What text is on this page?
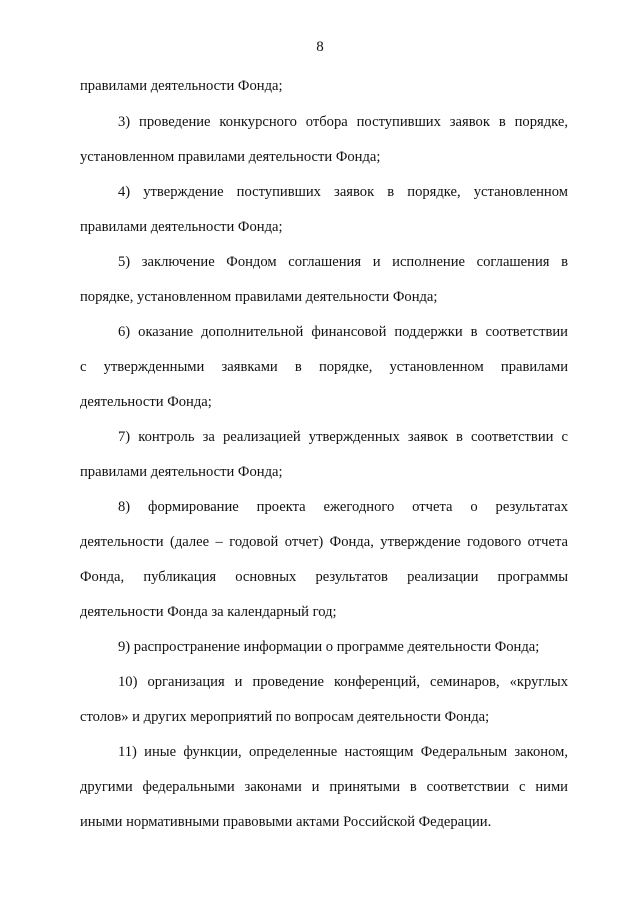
8
правилами деятельности Фонда;
3) проведение конкурсного отбора поступивших заявок в порядке,
установленном правилами деятельности Фонда;
4) утверждение поступивших заявок в порядке, установленном
правилами деятельности Фонда;
5) заключение Фондом соглашения и исполнение соглашения в
порядке, установленном правилами деятельности Фонда;
6) оказание дополнительной финансовой поддержки в соответствии
с утвержденными заявками в порядке, установленном правилами
деятельности Фонда;
7) контроль за реализацией утвержденных заявок в соответствии с
правилами деятельности Фонда;
8) формирование проекта ежегодного отчета о результатах
деятельности (далее – годовой отчет) Фонда, утверждение годового отчета
Фонда, публикация основных результатов реализации программы
деятельности Фонда за календарный год;
9) распространение информации о программе деятельности Фонда;
10) организация и проведение конференций, семинаров, «круглых
столов» и других мероприятий по вопросам деятельности Фонда;
11) иные функции, определенные настоящим Федеральным законом,
другими федеральными законами и принятыми в соответствии с ними
иными нормативными правовыми актами Российской Федерации.
